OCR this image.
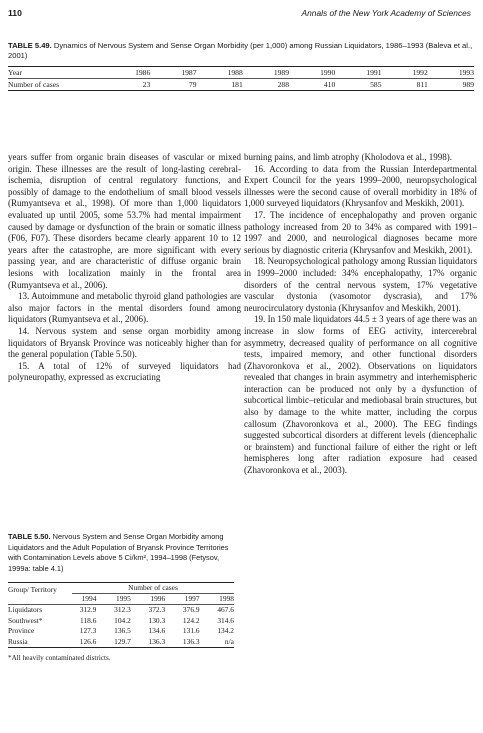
110	Annals of the New York Academy of Sciences
TABLE 5.49. Dynamics of Nervous System and Sense Organ Morbidity (per 1,000) among Russian Liquidators, 1986–1993 (Baleva et al., 2001)
Year	1986	1987	1988	1989	1990	1991	1992	1993
Number of cases	23	79	181	288	410	585	811	989

years suffer from organic brain diseases of vascular or mixed origin. These illnesses are the result of long-lasting cerebral-ischemia, disruption of central regulatory functions, and possibly of damage to the endothelium of small blood vessels (Rumyantseva et al., 1998). Of more than 1,000 liquidators evaluated up until 2005, some 53.7% had mental impairment caused by damage or dysfunction of the brain or somatic illness (F06, F07). These disorders became clearly apparent 10 to 12 years after the catastrophe, are more significant with every passing year, and are characteristic of diffuse organic brain lesions with localization mainly in the frontal area (Rumyantseva et al., 2006).

13. Autoimmune and metabolic thyroid gland pathologies are also major factors in the mental disorders found among liquidators (Rumyantseva et al., 2006).

14. Nervous system and sense organ morbidity among liquidators of Bryansk Province was noticeably higher than for the general population (Table 5.50).

15. A total of 12% of surveyed liquidators had polyneuropathy, expressed as excruciating

burning pains, and limb atrophy (Kholodova et al., 1998).

16. According to data from the Russian Interdepartmental Expert Council for the years 1999–2000, neuropsychological illnesses were the second cause of overall morbidity in 18% of 1,000 surveyed liquidators (Khrysanfov and Meskikh, 2001).

17. The incidence of encephalopathy and proven organic pathology increased from 20 to 34% as compared with 1991–1997 and 2000, and neurological diagnoses became more serious by diagnostic criteria (Khrysanfov and Meskikh, 2001).

18. Neuropsychological pathology among Russian liquidators in 1999–2000 included: 34% encephalopathy, 17% organic disorders of the central nervous system, 17% vegetative vascular dystonia (vasomotor dyscrasia), and 17% neurocirculatory dystonia (Khrysanfov and Meskikh, 2001).

19. In 150 male liquidators 44.5 ± 3 years of age there was an increase in slow forms of EEG activity, intercerebral asymmetry, decreased quality of performance on all cognitive tests, impaired memory, and other functional disorders (Zhavoronkova et al., 2002). Observations on liquidators revealed that changes in brain asymmetry and interhemispheric interaction can be produced not only by a dysfunction of subcortical limbic–reticular and mediobasal brain structures, but also by damage to the white matter, including the corpus callosum (Zhavoronkova et al., 2000). The EEG findings suggested subcortical disorders at different levels (diencephalic or brainstem) and functional failure of either the right or left hemispheres long after radiation exposure had ceased (Zhavoronkova et al., 2003).

TABLE 5.50. Nervous System and Sense Organ Morbidity among Liquidators and the Adult Population of Bryansk Province Territories with Contamination Levels above 5 Ci/km², 1994–1998 (Fetysov, 1999a: table 4.1)
Group/ Territory	Number of cases
1994	1995	1996	1997	1998
Liquidators	312.9	312.3	372.3	376.9	467.6
Southwest*	118.6	104.2	130.3	124.2	314.6
Province	127.3	136.5	134.6	131.6	134.2
Russia	126.6	129.7	136.3	136.3	n/a
*All heavily contaminated districts.
